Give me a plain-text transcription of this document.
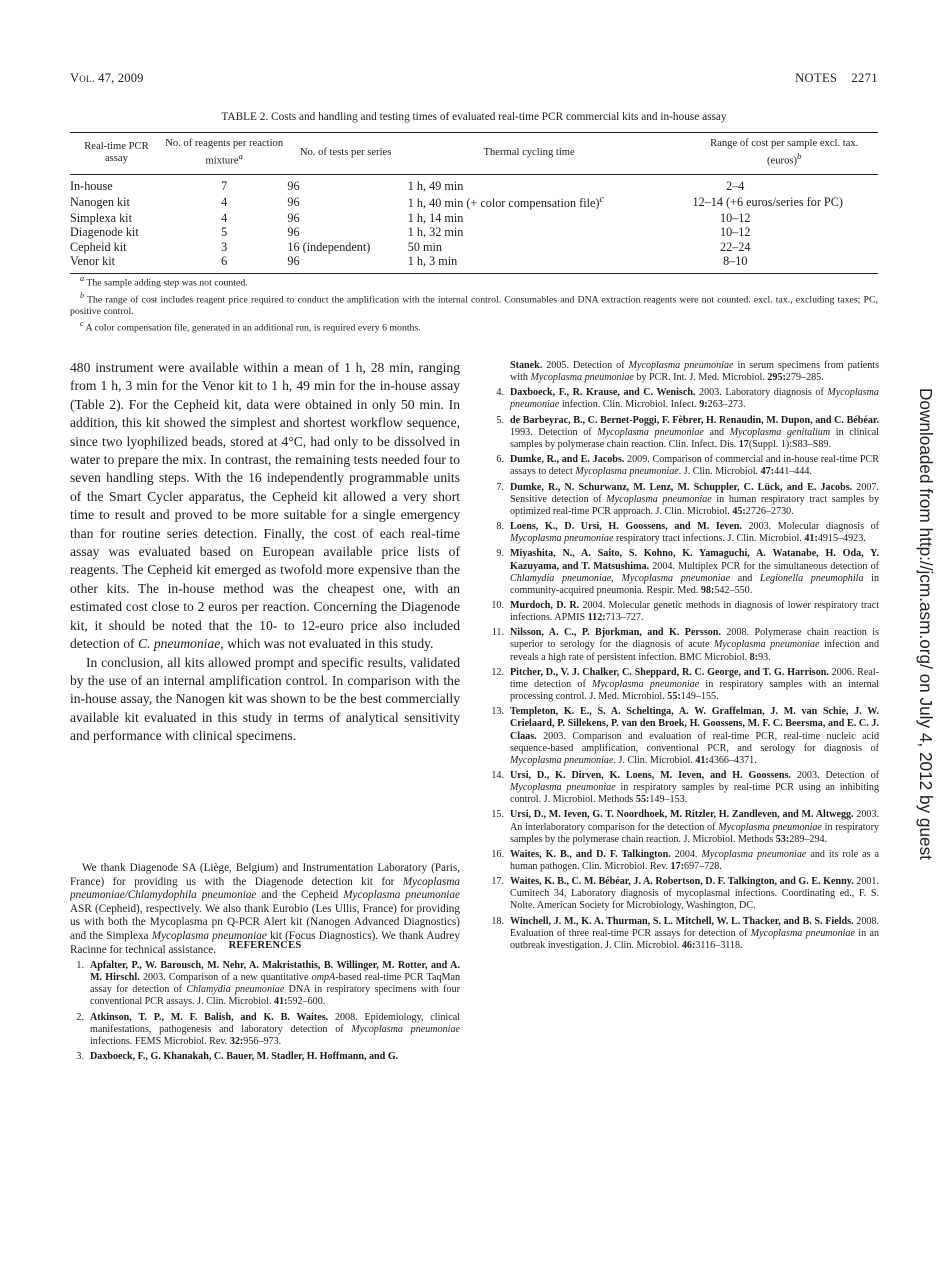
Vol. 47, 2009	NOTES 2271
TABLE 2. Costs and handling and testing times of evaluated real-time PCR commercial kits and in-house assay
Real-time PCR assay	No. of reagents per reaction mixture$^a$	No. of tests per series	Thermal cycling time	Range of cost per sample excl. tax. (euros)$^b$
In-house	7	96	1 h, 49 min	2–4
Nanogen kit	4	96	1 h, 40 min (+ color compensation file)$^c$	12–14 (+6 euros/series for PC)
Simplexa kit	4	96	1 h, 14 min	10–12
Diagenode kit	5	96	1 h, 32 min	10–12
Cepheid kit	3	16 (independent)	50 min	22–24
Venor kit	6	96	1 h, 3 min	8–10

$^a$ The sample adding step was not counted.

$^b$ The range of cost includes reagent price required to conduct the amplification with the internal control. Consumables and DNA extraction reagents were not counted. excl. tax., excluding taxes; PC, positive control.

$^c$ A color compensation file, generated in an additional run, is required every 6 months.

480 instrument were available within a mean of 1 h, 28 min, ranging from 1 h, 3 min for the Venor kit to 1 h, 49 min for the in-house assay (Table 2). For the Cepheid kit, data were obtained in only 50 min. In addition, this kit showed the simplest and shortest workflow sequence, since two lyophilized beads, stored at 4°C, had only to be dissolved in water to prepare the mix. In contrast, the remaining tests needed four to seven handling steps. With the 16 independently programmable units of the Smart Cycler apparatus, the Cepheid kit allowed a very short time to result and proved to be more suitable for a single emergency than for routine series detection. Finally, the cost of each real-time assay was evaluated based on European available price lists of reagents. The Cepheid kit emerged as twofold more expensive than the other kits. The in-house method was the cheapest one, with an estimated cost close to 2 euros per reaction. Concerning the Diagenode kit, it should be noted that the 10- to 12-euro price also included detection of C. pneumoniae, which was not evaluated in this study.

In conclusion, all kits allowed prompt and specific results, validated by the use of an internal amplification control. In comparison with the in-house assay, the Nanogen kit was shown to be the best commercially available kit evaluated in this study in terms of analytical sensitivity and performance with clinical specimens.

We thank Diagenode SA (Liège, Belgium) and Instrumentation Laboratory (Paris, France) for providing us with the Diagenode detection kit for Mycoplasma pneumoniae/Chlamydophila pneumoniae and the Cepheid Mycoplasma pneumoniae ASR (Cepheid), respectively. We also thank Eurobio (Les Ullis, France) for providing us with both the Mycoplasma pn Q-PCR Alert kit (Nanogen Advanced Diagnostics) and the Simplexa Mycoplasma pneumoniae kit (Focus Diagnostics). We thank Audrey Racinne for technical assistance.	REFERENCES
1. Apfalter, P., W. Barousch, M. Nehr, A. Makristathis, B. Willinger, M. Rotter, and A. M. Hirschl. 2003. Comparison of a new quantitative ompA-based real-time PCR TaqMan assay for detection of Chlamydia pneumoniae DNA in respiratory specimens with four conventional PCR assays. J. Clin. Microbiol. 41:592–600.
2. Atkinson, T. P., M. F. Balish, and K. B. Waites. 2008. Epidemiology, clinical manifestations, pathogenesis and laboratory detection of Mycoplasma pneumoniae infections. FEMS Microbiol. Rev. 32:956–973.
3. Daxboeck, F., G. Khanakah, C. Bauer, M. Stadler, H. Hoffmann, and G.
Stanek. 2005. Detection of Mycoplasma pneumoniae in serum specimens from patients with Mycoplasma pneumoniae by PCR. Int. J. Med. Microbiol. 295:279–285.
4. Daxboeck, F., R. Krause, and C. Wenisch. 2003. Laboratory diagnosis of Mycoplasma pneumoniae infection. Clin. Microbiol. Infect. 9:263–273.
5. de Barbeyrac, B., C. Bernet-Poggi, F. Fèbrer, H. Renaudin, M. Dupon, and C. Bébéar. 1993. Detection of Mycoplasma pneumoniae and Mycoplasma genitalium in clinical samples by polymerase chain reaction. Clin. Infect. Dis. 17(Suppl. 1):S83–S89.
6. Dumke, R., and E. Jacobs. 2009. Comparison of commercial and in-house real-time PCR assays to detect Mycoplasma pneumoniae. J. Clin. Microbiol. 47:441–444.
7. Dumke, R., N. Schurwanz, M. Lenz, M. Schuppler, C. Lück, and E. Jacobs. 2007. Sensitive detection of Mycoplasma pneumoniae in human respiratory tract samples by optimized real-time PCR approach. J. Clin. Microbiol. 45:2726–2730.
8. Loens, K., D. Ursi, H. Goossens, and M. Ieven. 2003. Molecular diagnosis of Mycoplasma pneumoniae respiratory tract infections. J. Clin. Microbiol. 41:4915–4923.
9. Miyashita, N., A. Saito, S. Kohno, K. Yamaguchi, A. Watanabe, H. Oda, Y. Kazuyama, and T. Matsushima. 2004. Multiplex PCR for the simultaneous detection of Chlamydia pneumoniae, Mycoplasma pneumoniae and Legionella pneumophila in community-acquired pneumonia. Respir. Med. 98:542–550.
10. Murdoch, D. R. 2004. Molecular genetic methods in diagnosis of lower respiratory tract infections. APMIS 112:713–727.
11. Nilsson, A. C., P. Bjorkman, and K. Persson. 2008. Polymerase chain reaction is superior to serology for the diagnosis of acute Mycoplasma pneumoniae infection and reveals a high rate of persistent infection. BMC Microbiol. 8:93.
12. Pitcher, D., V. J. Chalker, C. Sheppard, R. C. George, and T. G. Harrison. 2006. Real-time detection of Mycoplasma pneumoniae in respiratory samples with an internal processing control. J. Med. Microbiol. 55:149–155.
13. Templeton, K. E., S. A. Scheltinga, A. W. Graffelman, J. M. van Schie, J. W. Crielaard, P. Sillekens, P. van den Broek, H. Goossens, M. F. C. Beersma, and E. C. J. Claas. 2003. Comparison and evaluation of real-time PCR, real-time nucleic acid sequence-based amplification, conventional PCR, and serology for diagnosis of Mycoplasma pneumoniae. J. Clin. Microbiol. 41:4366–4371.
14. Ursi, D., K. Dirven, K. Loens, M. Ieven, and H. Goossens. 2003. Detection of Mycoplasma pneumoniae in respiratory samples by real-time PCR using an inhibiting control. J. Microbiol. Methods 55:149–153.
15. Ursi, D., M. Ieven, G. T. Noordhoek, M. Ritzler, H. Zandleven, and M. Altwegg. 2003. An interlaboratory comparison for the detection of Mycoplasma pneumoniae in respiratory samples by the polymerase chain reaction. J. Microbiol. Methods 53:289–294.
16. Waites, K. B., and D. F. Talkington. 2004. Mycoplasma pneumoniae and its role as a human pathogen. Clin. Microbiol. Rev. 17:697–728.
17. Waites, K. B., C. M. Bébéar, J. A. Robertson, D. F. Talkington, and G. E. Kenny. 2001. Cumitech 34, Laboratory diagnosis of mycoplasmal infections. Coordinating ed., F. S. Nolte. American Society for Microbiology, Washington, DC.
18. Winchell, J. M., K. A. Thurman, S. L. Mitchell, W. L. Thacker, and B. S. Fields. 2008. Evaluation of three real-time PCR assays for detection of Mycoplasma pneumoniae in an outbreak investigation. J. Clin. Microbiol. 46:3116–3118.
Downloaded from http://jcm.asm.org/ on July 4, 2012 by guest
